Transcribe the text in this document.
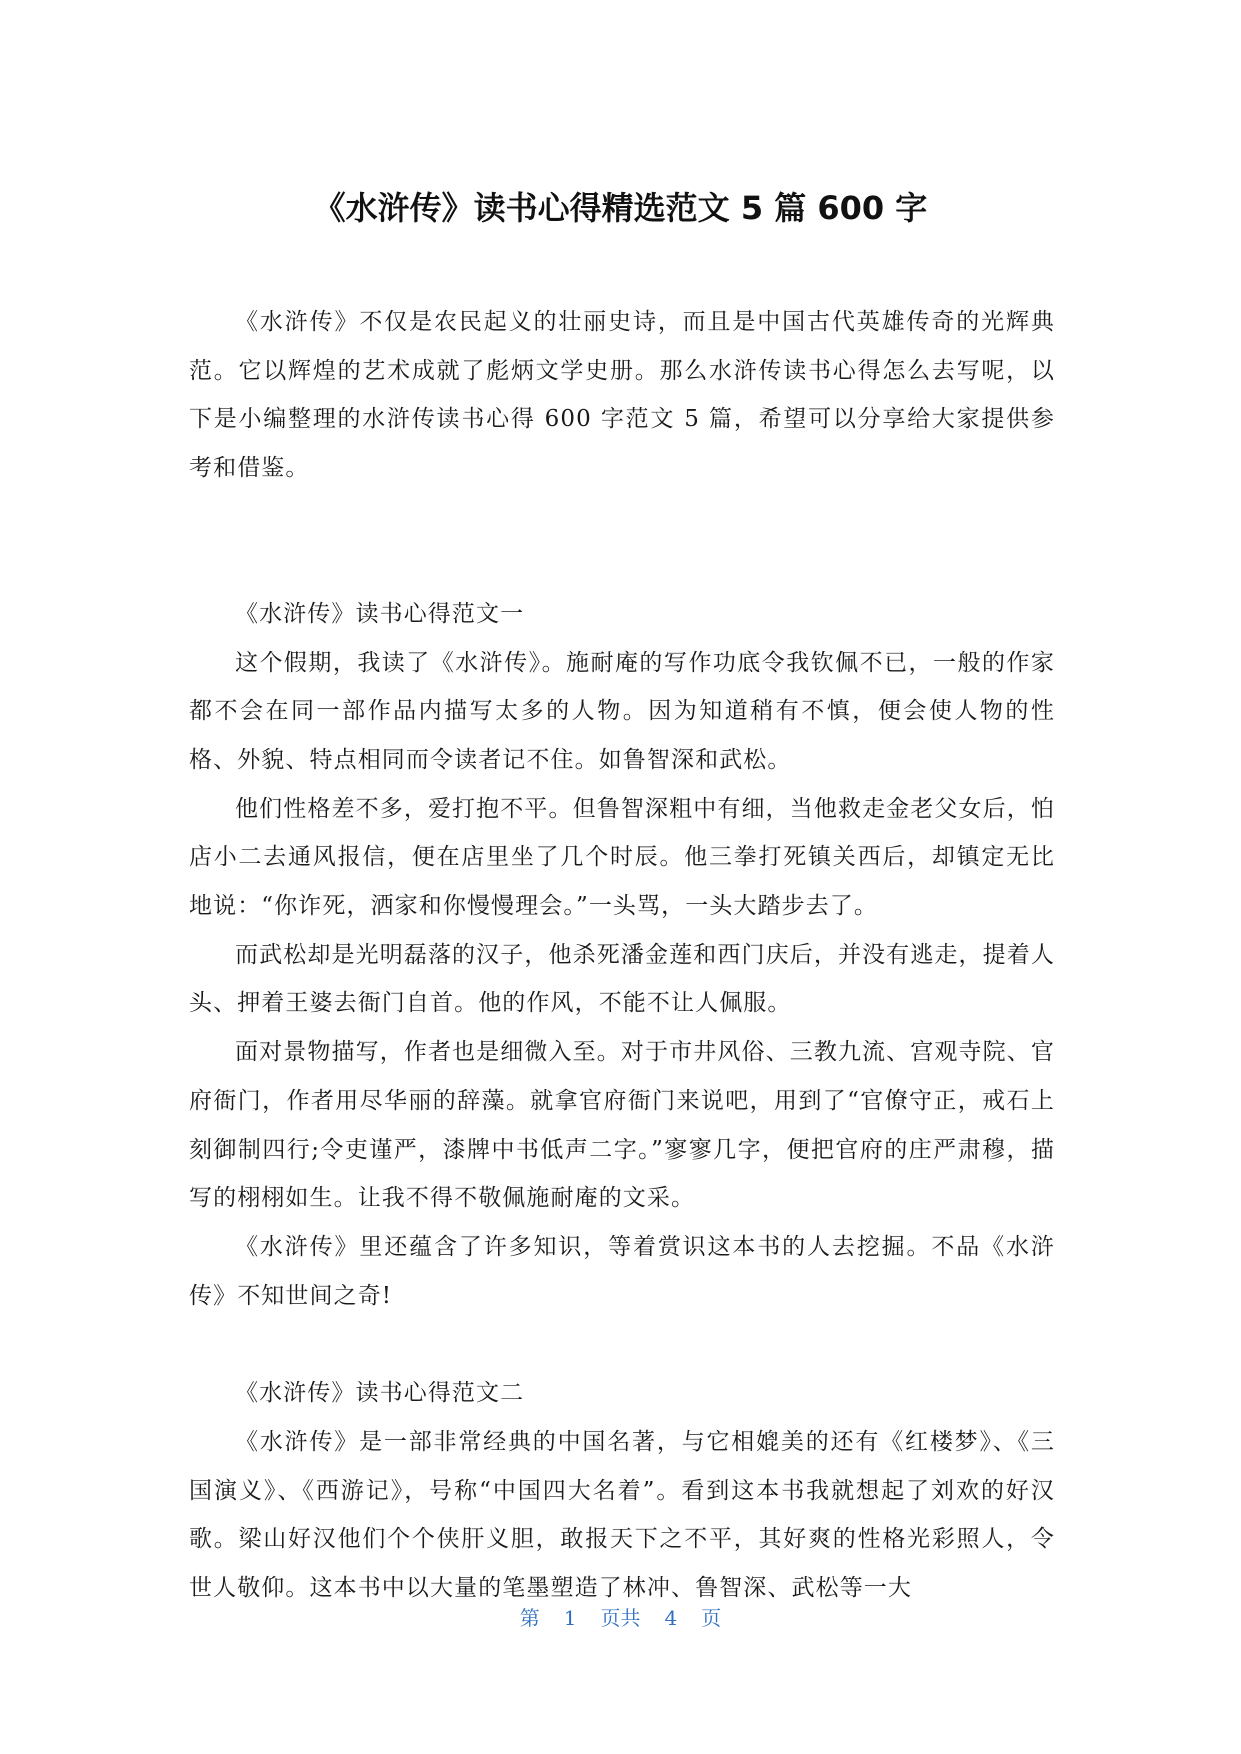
《水浒传》读书心得精选范文 5 篇 600 字

《水浒传》不仅是农民起义的壮丽史诗，而且是中国古代英雄传奇的光辉典范。它以辉煌的艺术成就了彪炳文学史册。那么水浒传读书心得怎么去写呢，以下是小编整理的水浒传读书心得 600 字范文 5 篇，希望可以分享给大家提供参考和借鉴。

《水浒传》读书心得范文一

这个假期，我读了《水浒传》。施耐庵的写作功底令我钦佩不已，一般的作家都不会在同一部作品内描写太多的人物。因为知道稍有不慎，便会使人物的性格、外貌、特点相同而令读者记不住。如鲁智深和武松。

他们性格差不多，爱打抱不平。但鲁智深粗中有细，当他救走金老父女后，怕店小二去通风报信，便在店里坐了几个时辰。他三拳打死镇关西后，却镇定无比地说：“你诈死，洒家和你慢慢理会。”一头骂，一头大踏步去了。

而武松却是光明磊落的汉子，他杀死潘金莲和西门庆后，并没有逃走，提着人头、押着王婆去衙门自首。他的作风，不能不让人佩服。

面对景物描写，作者也是细微入至。对于市井风俗、三教九流、宫观寺院、官府衙门，作者用尽华丽的辞藻。就拿官府衙门来说吧，用到了“官僚守正，戒石上刻御制四行;令吏谨严，漆牌中书低声二字。”寥寥几字，便把官府的庄严肃穆，描写的栩栩如生。让我不得不敬佩施耐庵的文采。

《水浒传》里还蕴含了许多知识，等着赏识这本书的人去挖掘。不品《水浒传》不知世间之奇!

《水浒传》读书心得范文二

《水浒传》是一部非常经典的中国名著，与它相媲美的还有《红楼梦》、《三国演义》、《西游记》，号称“中国四大名着”。看到这本书我就想起了刘欢的好汉歌。梁山好汉他们个个侠肝义胆，敢报天下之不平，其好爽的性格光彩照人，令世人敬仰。这本书中以大量的笔墨塑造了林冲、鲁智深、武松等一大

第 1 页共 4 页
